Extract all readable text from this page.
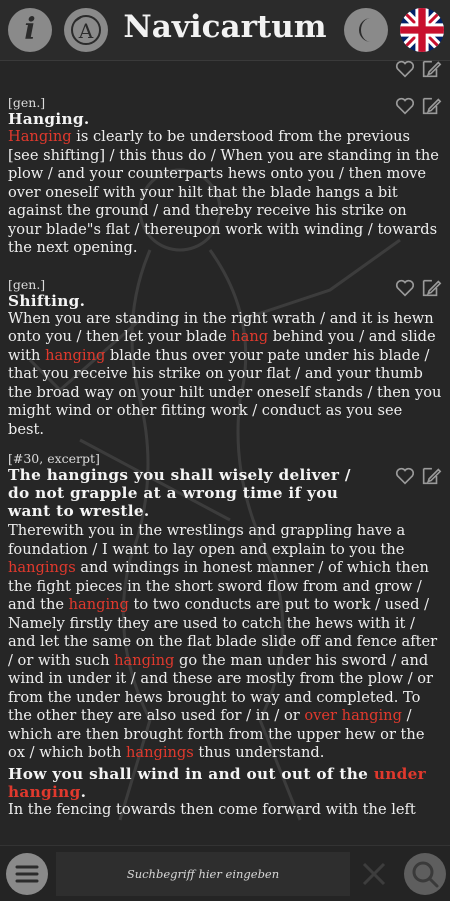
i A Navicartum
[gen.]
Hanging.
Hanging is clearly to be understood from the previous [see shifting] / this thus do / When you are standing in the plow / and your counterparts hews onto you / then move over oneself with your hilt that the blade hangs a bit against the ground / and thereby receive his strike on your blade"s flat / thereupon work with winding / towards the next opening.
[gen.]
Shifting.
When you are standing in the right wrath / and it is hewn onto you / then let your blade hang behind you / and slide with hanging blade thus over your pate under his blade / that you receive his strike on your flat / and your thumb the broad way on your hilt under oneself stands / then you might wind or other fitting work / conduct as you see best.
[#30, excerpt]
The hangings you shall wisely deliver / do not grapple at a wrong time if you want to wrestle.
Therewith you in the wrestlings and grappling have a foundation / I want to lay open and explain to you the hangings and windings in honest manner / of which then the fight pieces in the short sword flow from and grow / and the hanging to two conducts are put to work / used / Namely firstly they are used to catch the hews with it / and let the same on the flat blade slide off and fence after / or with such hanging go the man under his sword / and wind in under it / and these are mostly from the plow / or from the under hews brought to way and completed. To the other they are also used for / in / or over hanging / which are then brought forth from the upper hew or the ox / which both hangings thus understand.
How you shall wind in and out out of the under hanging.
In the fencing towards then come forward with the left
Suchbegriff hier eingeben
